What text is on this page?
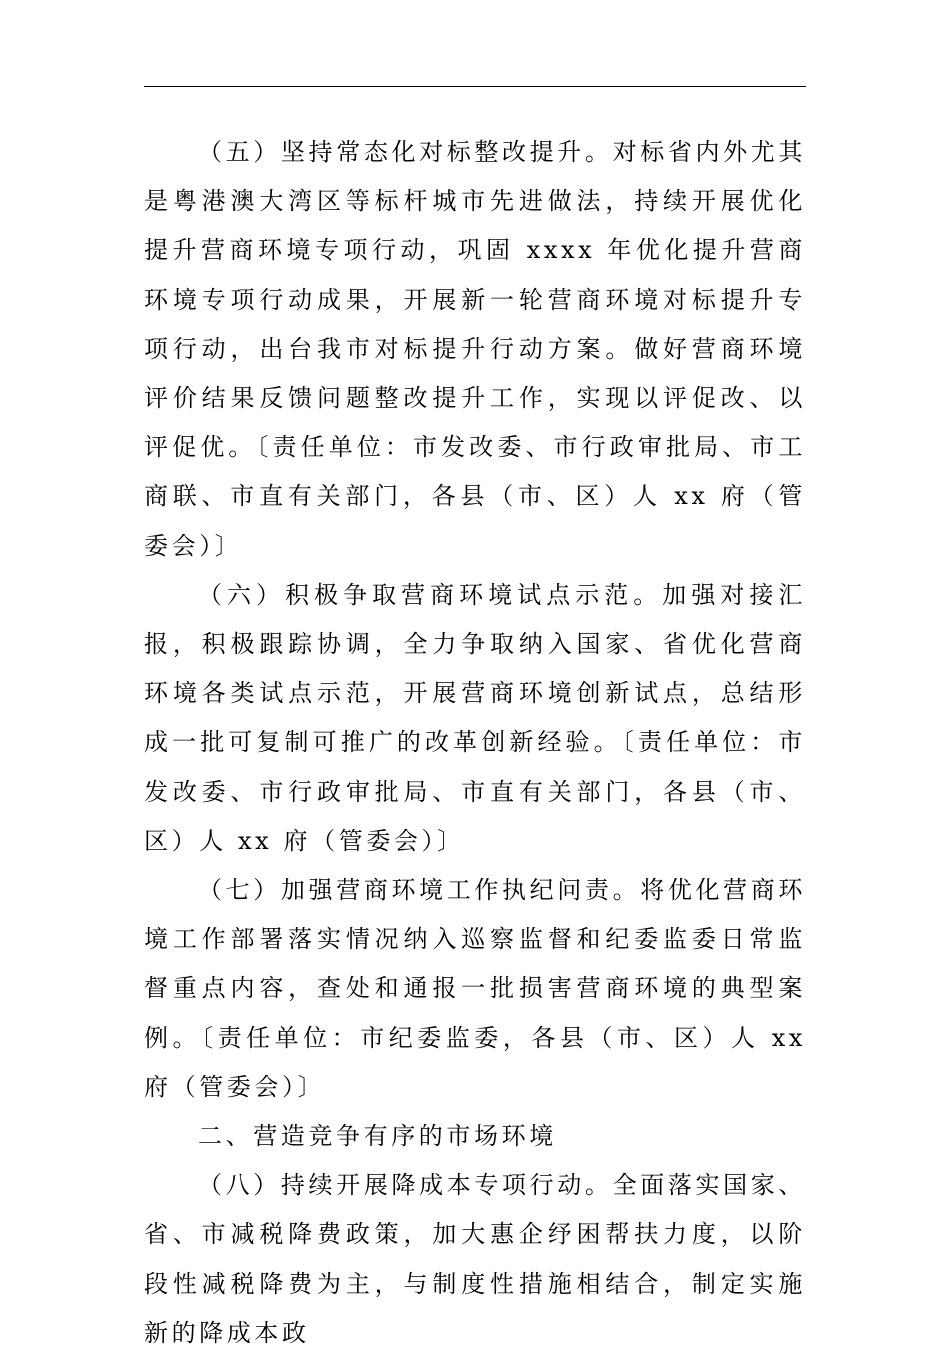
（五）坚持常态化对标整改提升。对标省内外尤其是粤港澳大湾区等标杆城市先进做法，持续开展优化提升营商环境专项行动，巩固 xxxx 年优化提升营商环境专项行动成果，开展新一轮营商环境对标提升专项行动，出台我市对标提升行动方案。做好营商环境评价结果反馈问题整改提升工作，实现以评促改、以评促优。〔责任单位：市发改委、市行政审批局、市工商联、市直有关部门，各县（市、区）人 xx 府（管委会）〕

（六）积极争取营商环境试点示范。加强对接汇报，积极跟踪协调，全力争取纳入国家、省优化营商环境各类试点示范，开展营商环境创新试点，总结形成一批可复制可推广的改革创新经验。〔责任单位：市发改委、市行政审批局、市直有关部门，各县（市、区）人 xx 府（管委会）〕

（七）加强营商环境工作执纪问责。将优化营商环境工作部署落实情况纳入巡察监督和纪委监委日常监督重点内容，查处和通报一批损害营商环境的典型案例。〔责任单位：市纪委监委，各县（市、区）人 xx 府（管委会）〕

二、营造竞争有序的市场环境

（八）持续开展降成本专项行动。全面落实国家、省、市减税降费政策，加大惠企纾困帮扶力度，以阶段性减税降费为主，与制度性措施相结合，制定实施新的降成本政
